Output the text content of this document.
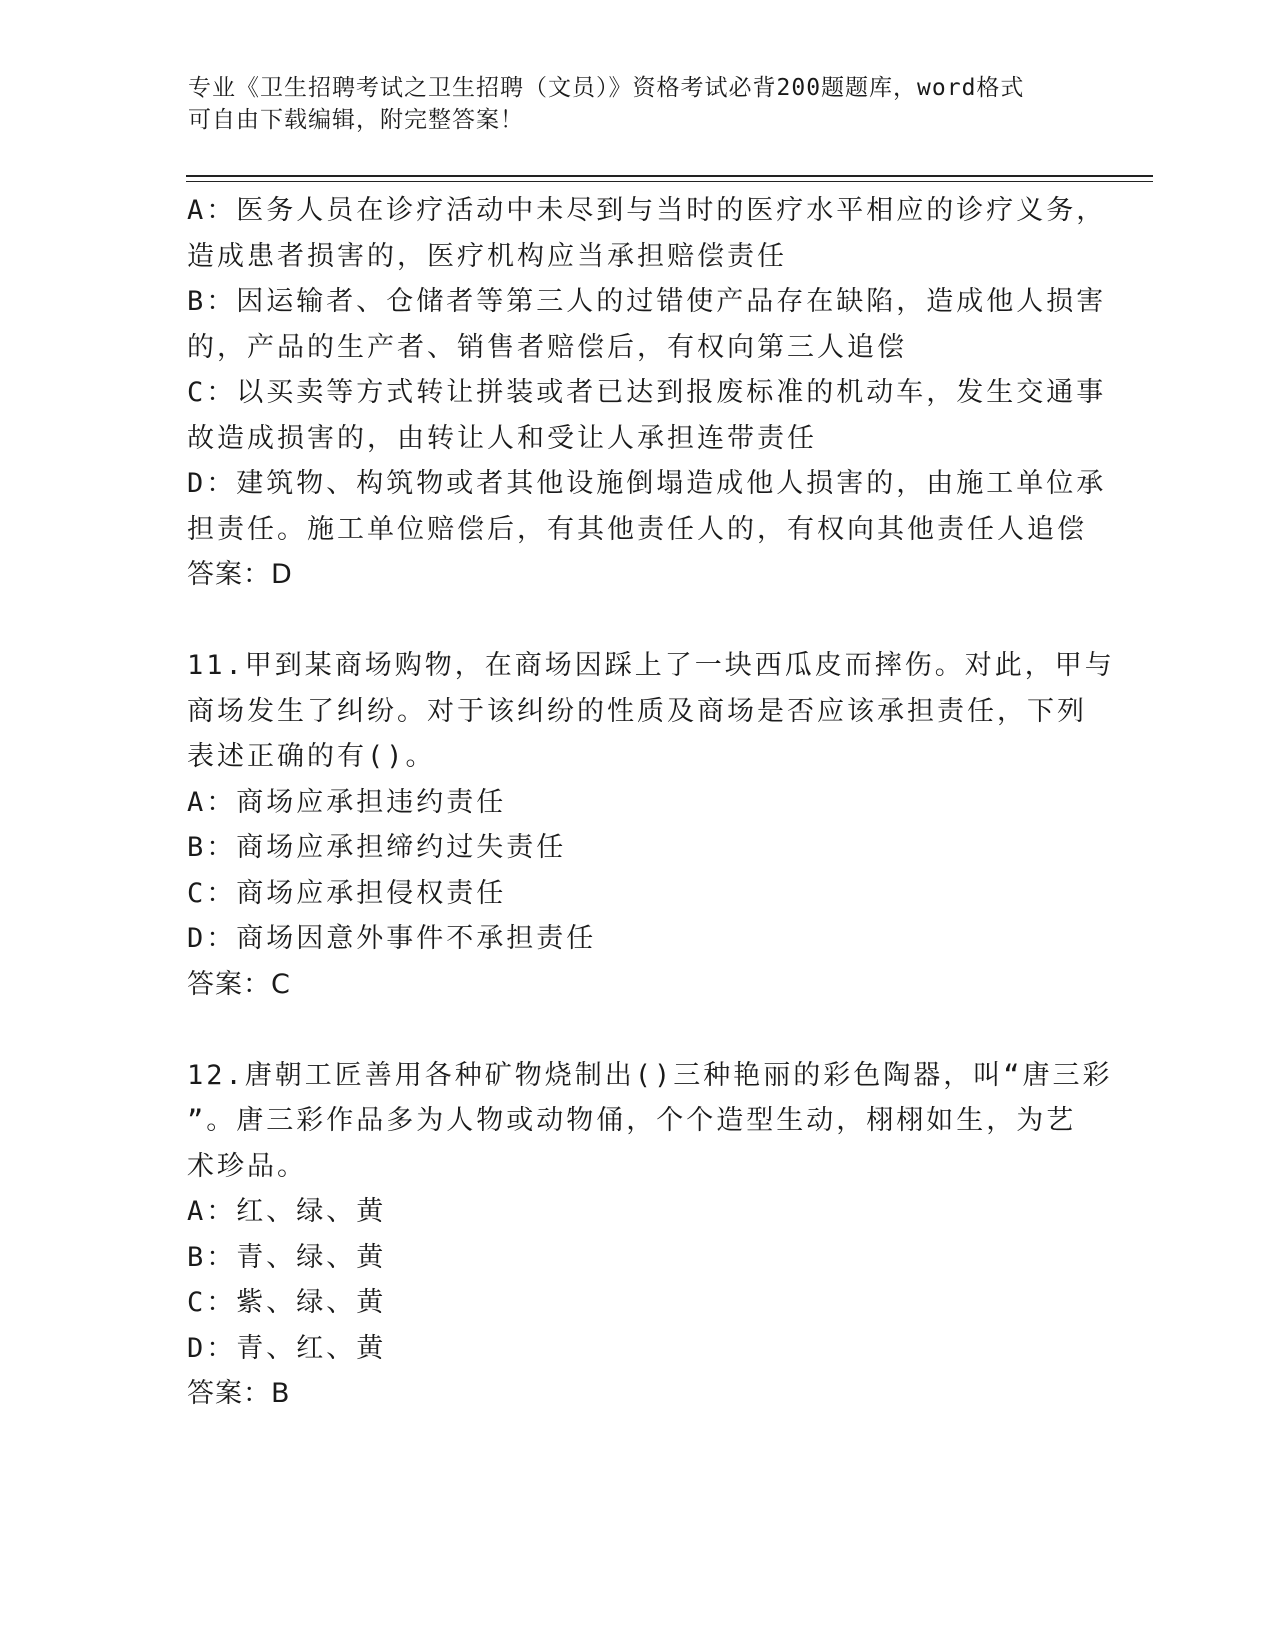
专业《卫生招聘考试之卫生招聘（文员）》资格考试必背200题题库，word格式
可自由下载编辑，附完整答案！
A：医务人员在诊疗活动中未尽到与当时的医疗水平相应的诊疗义务，
造成患者损害的，医疗机构应当承担赔偿责任
B：因运输者、仓储者等第三人的过错使产品存在缺陷，造成他人损害
的，产品的生产者、销售者赔偿后，有权向第三人追偿
C：以买卖等方式转让拼装或者已达到报废标准的机动车，发生交通事
故造成损害的，由转让人和受让人承担连带责任
D：建筑物、构筑物或者其他设施倒塌造成他人损害的，由施工单位承
担责任。施工单位赔偿后，有其他责任人的，有权向其他责任人追偿
答案：D
11.甲到某商场购物，在商场因踩上了一块西瓜皮而摔伤。对此，甲与
商场发生了纠纷。对于该纠纷的性质及商场是否应该承担责任，下列
表述正确的有()。
A：商场应承担违约责任
B：商场应承担缔约过失责任
C：商场应承担侵权责任
D：商场因意外事件不承担责任
答案：C
12.唐朝工匠善用各种矿物烧制出()三种艳丽的彩色陶器，叫“唐三彩
”。唐三彩作品多为人物或动物俑，个个造型生动，栩栩如生，为艺
术珍品。
A：红、绿、黄
B：青、绿、黄
C：紫、绿、黄
D：青、红、黄
答案：B
